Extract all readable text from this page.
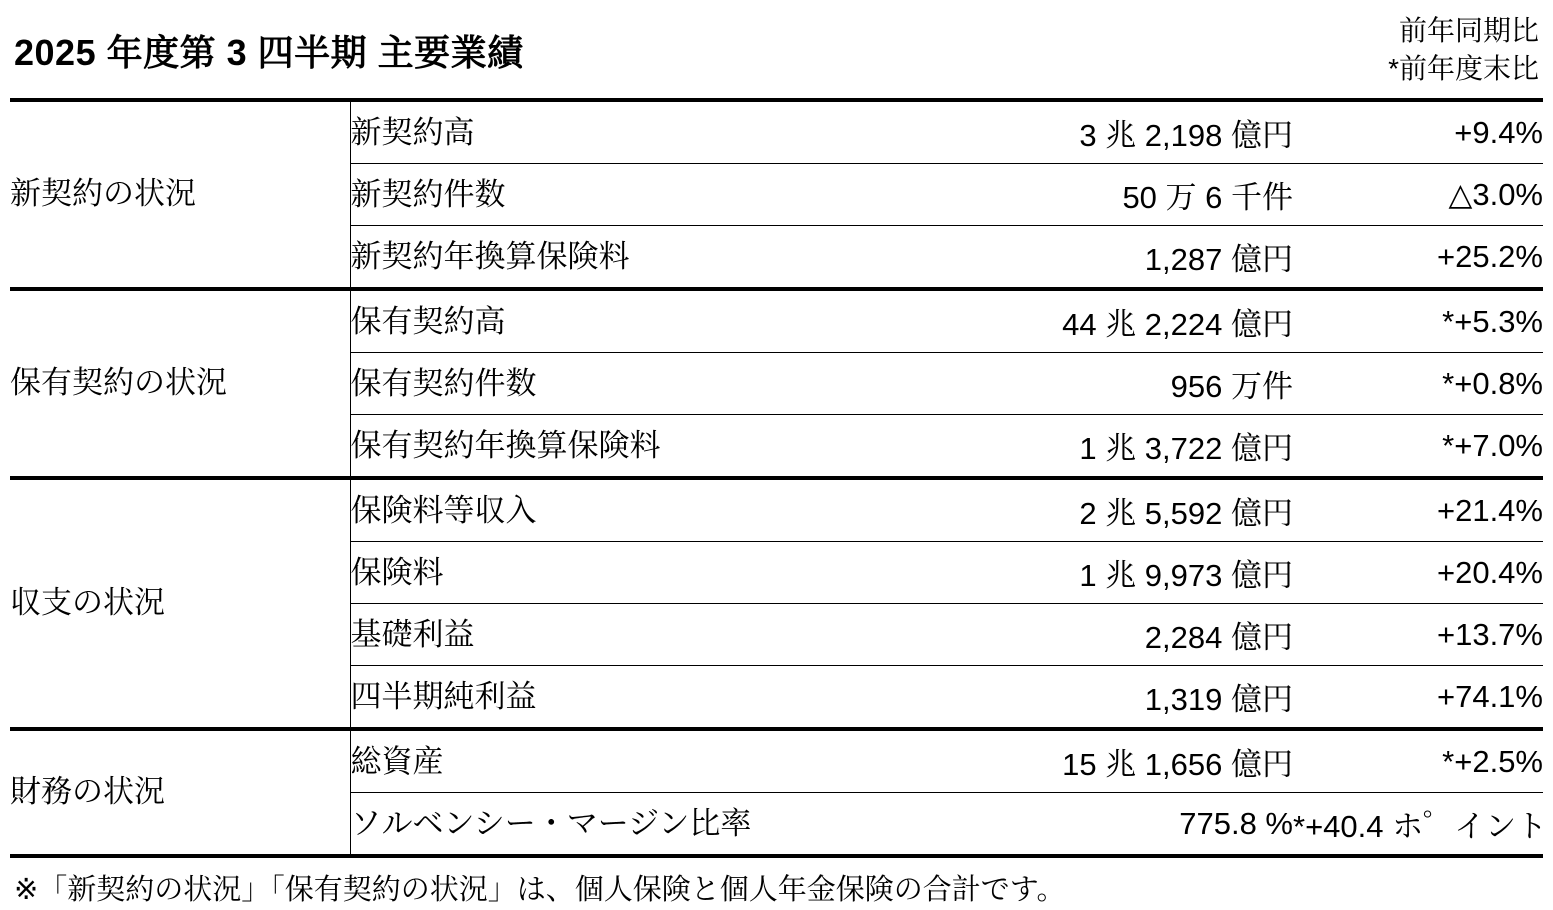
2025 年度第 3 四半期 主要業績
前年同期比
*前年度末比
新契約の状況	新契約高	3 兆 2,198 億円	+9.4%
	新契約件数	50 万 6 千件	△3.0%
	新契約年換算保険料	1,287 億円	+25.2%
保有契約の状況	保有契約高	44 兆 2,224 億円	*+5.3%
	保有契約件数	956 万件	*+0.8%
	保有契約年換算保険料	1 兆 3,722 億円	*+7.0%
収支の状況	保険料等収入	2 兆 5,592 億円	+21.4%
	保険料	1 兆 9,973 億円	+20.4%
	基礎利益	2,284 億円	+13.7%
	四半期純利益	1,319 億円	+74.1%
財務の状況	総資産	15 兆 1,656 億円	*+2.5%
	ソルベンシー・マージン比率	775.8 %	*+40.4 ホ゜イント
※「新契約の状況」「保有契約の状況」は、個人保険と個人年金保険の合計です。
